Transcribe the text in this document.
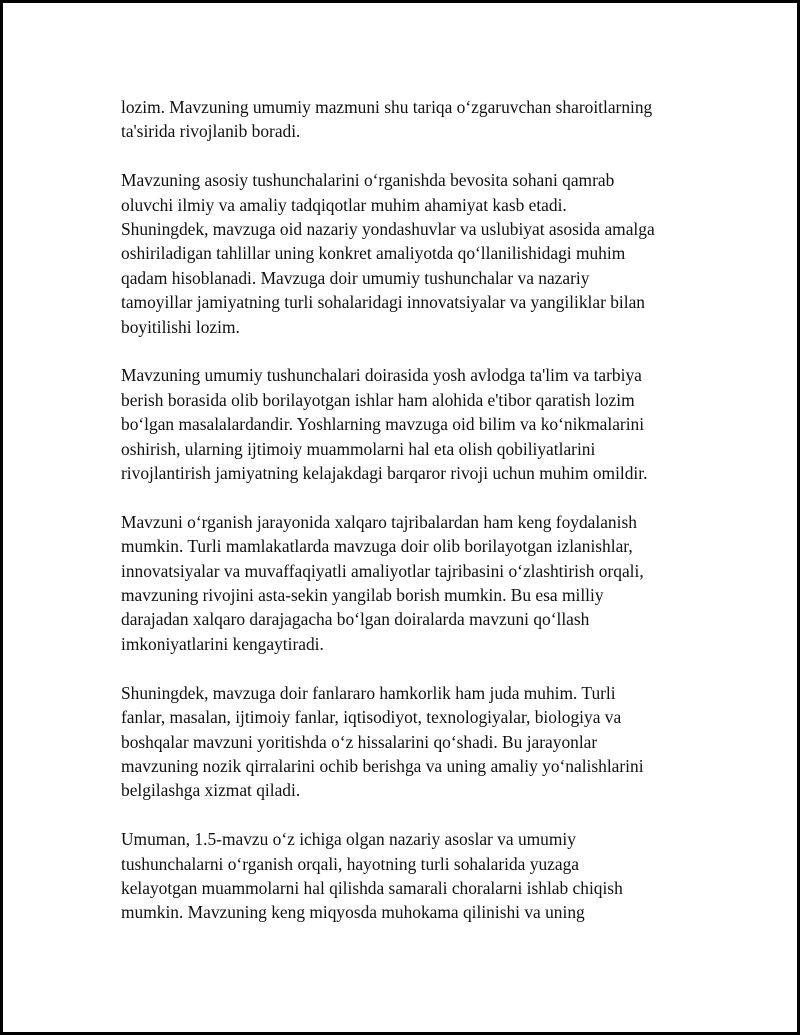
lozim. Mavzuning umumiy mazmuni shu tariqa oʻzgaruvchan sharoitlarning
ta'sirida rivojlanib boradi.

Mavzuning asosiy tushunchalarini oʻrganishda bevosita sohani qamrab
oluvchi ilmiy va amaliy tadqiqotlar muhim ahamiyat kasb etadi.
Shuningdek, mavzuga oid nazariy yondashuvlar va uslubiyat asosida amalga
oshiriladigan tahlillar uning konkret amaliyotda qoʻllanilishidagi muhim
qadam hisoblanadi. Mavzuga doir umumiy tushunchalar va nazariy
tamoyillar jamiyatning turli sohalaridagi innovatsiyalar va yangiliklar bilan
boyitilishi lozim.

Mavzuning umumiy tushunchalari doirasida yosh avlodga ta'lim va tarbiya
berish borasida olib borilayotgan ishlar ham alohida e'tibor qaratish lozim
boʻlgan masalalardandir. Yoshlarning mavzuga oid bilim va koʻnikmalarini
oshirish, ularning ijtimoiy muammolarni hal eta olish qobiliyatlarini
rivojlantirish jamiyatning kelajakdagi barqaror rivoji uchun muhim omildir.

Mavzuni oʻrganish jarayonida xalqaro tajribalardan ham keng foydalanish
mumkin. Turli mamlakatlarda mavzuga doir olib borilayotgan izlanishlar,
innovatsiyalar va muvaffaqiyatli amaliyotlar tajribasini oʻzlashtirish orqali,
mavzuning rivojini asta-sekin yangilab borish mumkin. Bu esa milliy
darajadan xalqaro darajagacha boʻlgan doiralarda mavzuni qoʻllash
imkoniyatlarini kengaytiradi.

Shuningdek, mavzuga doir fanlararo hamkorlik ham juda muhim. Turli
fanlar, masalan, ijtimoiy fanlar, iqtisodiyot, texnologiyalar, biologiya va
boshqalar mavzuni yoritishda oʻz hissalarini qoʻshadi. Bu jarayonlar
mavzuning nozik qirralarini ochib berishga va uning amaliy yoʻnalishlarini
belgilashga xizmat qiladi.

Umuman, 1.5-mavzu oʻz ichiga olgan nazariy asoslar va umumiy
tushunchalarni oʻrganish orqali, hayotning turli sohalarida yuzaga
kelayotgan muammolarni hal qilishda samarali choralarni ishlab chiqish
mumkin. Mavzuning keng miqyosda muhokama qilinishi va uning
